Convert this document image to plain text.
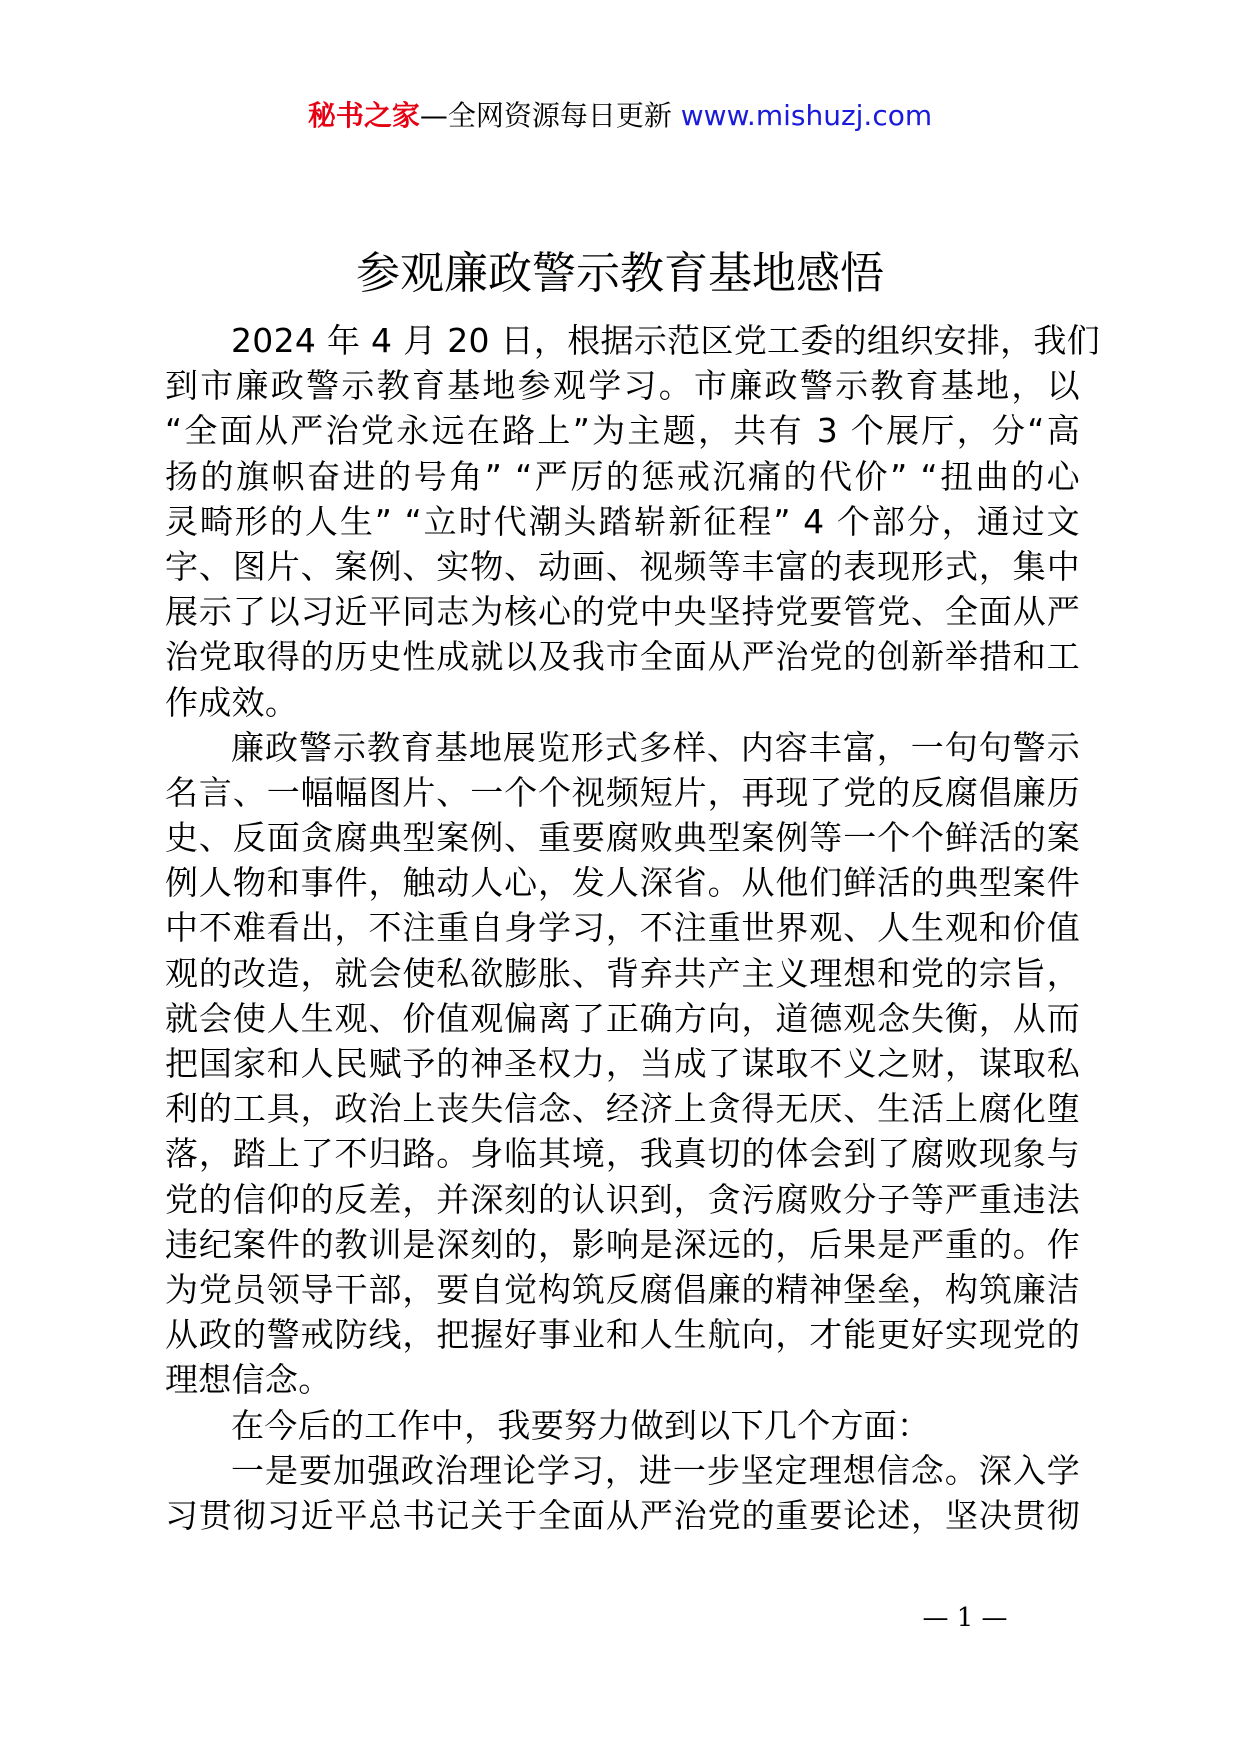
秘书之家—全网资源每日更新 www.mishuzj.com
参观廉政警示教育基地感悟
2024 年 4 月 20 日，根据示范区党工委的组织安排，我们
到市廉政警示教育基地参观学习。市廉政警示教育基地，以
“全面从严治党永远在路上”为主题，共有 3 个展厅，分“高
扬的旗帜奋进的号角” “严厉的惩戒沉痛的代价” “扭曲的心
灵畸形的人生” “立时代潮头踏崭新征程” 4 个部分，通过文
字、图片、案例、实物、动画、视频等丰富的表现形式，集中
展示了以习近平同志为核心的党中央坚持党要管党、全面从严
治党取得的历史性成就以及我市全面从严治党的创新举措和工
作成效。
廉政警示教育基地展览形式多样、内容丰富，一句句警示
名言、一幅幅图片、一个个视频短片，再现了党的反腐倡廉历
史、反面贪腐典型案例、重要腐败典型案例等一个个鲜活的案
例人物和事件，触动人心，发人深省。从他们鲜活的典型案件
中不难看出，不注重自身学习，不注重世界观、人生观和价值
观的改造，就会使私欲膨胀、背弃共产主义理想和党的宗旨，
就会使人生观、价值观偏离了正确方向，道德观念失衡，从而
把国家和人民赋予的神圣权力，当成了谋取不义之财，谋取私
利的工具，政治上丧失信念、经济上贪得无厌、生活上腐化堕
落，踏上了不归路。身临其境，我真切的体会到了腐败现象与
党的信仰的反差，并深刻的认识到，贪污腐败分子等严重违法
违纪案件的教训是深刻的，影响是深远的，后果是严重的。作
为党员领导干部，要自觉构筑反腐倡廉的精神堡垒，构筑廉洁
从政的警戒防线，把握好事业和人生航向，才能更好实现党的
理想信念。
在今后的工作中，我要努力做到以下几个方面：
一是要加强政治理论学习，进一步坚定理想信念。深入学
习贯彻习近平总书记关于全面从严治党的重要论述，坚决贯彻
— 1 —
